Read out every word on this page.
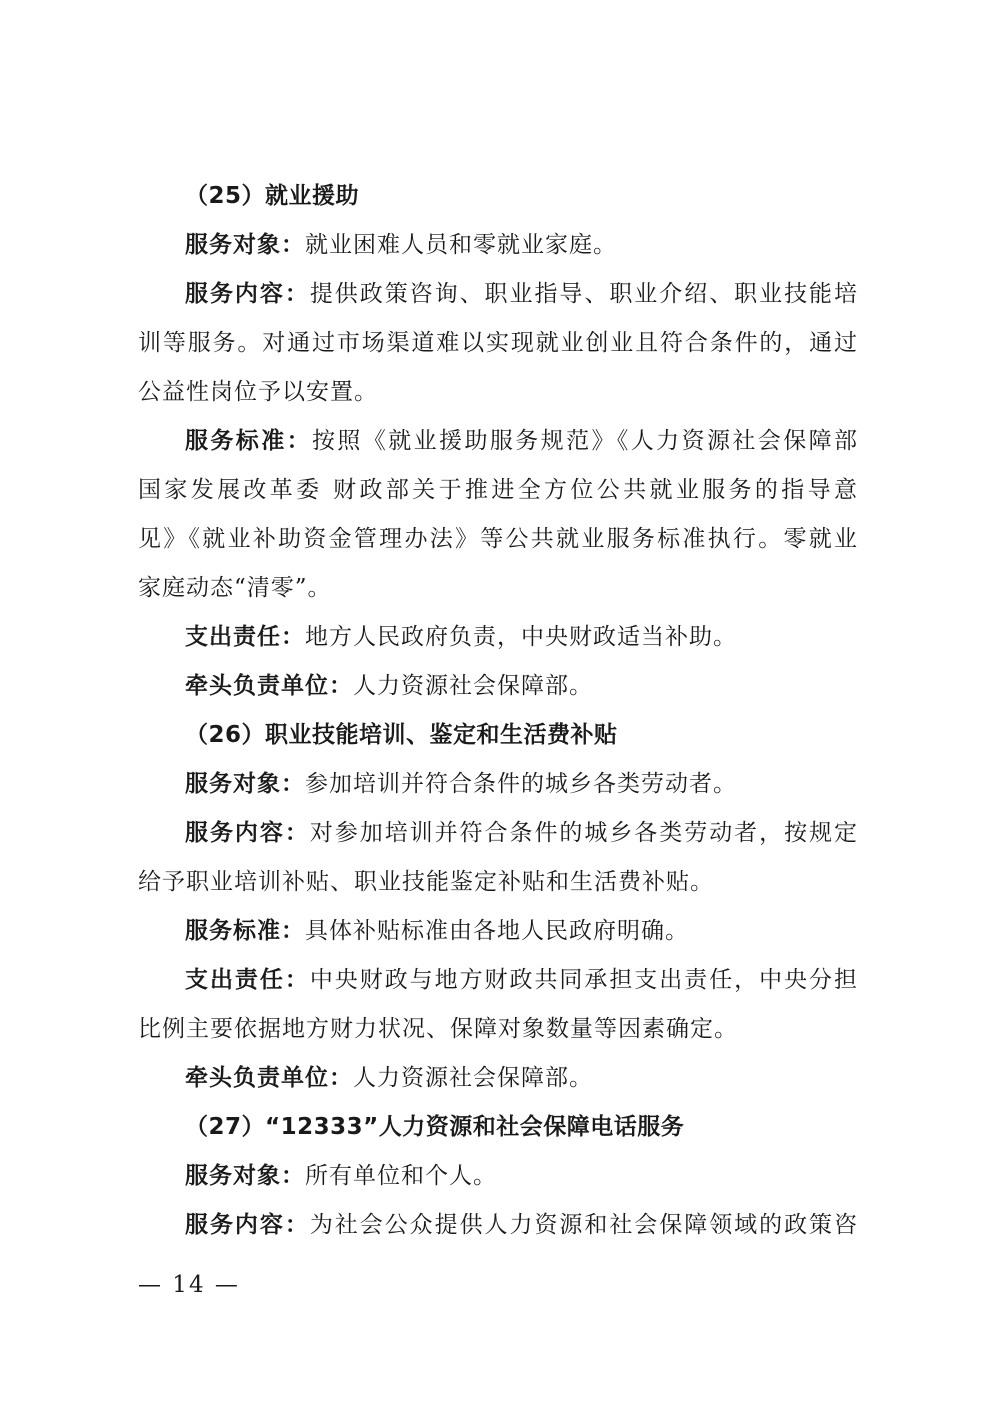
（25）就业援助
服务对象：就业困难人员和零就业家庭。
服务内容：提供政策咨询、职业指导、职业介绍、职业技能培
训等服务。对通过市场渠道难以实现就业创业且符合条件的，通过
公益性岗位予以安置。
服务标准：按照《就业援助服务规范》《人力资源社会保障部
国家发展改革委 财政部关于推进全方位公共就业服务的指导意
见》《就业补助资金管理办法》等公共就业服务标准执行。零就业
家庭动态“清零”。
支出责任：地方人民政府负责，中央财政适当补助。
牵头负责单位：人力资源社会保障部。
（26）职业技能培训、鉴定和生活费补贴
服务对象：参加培训并符合条件的城乡各类劳动者。
服务内容：对参加培训并符合条件的城乡各类劳动者，按规定
给予职业培训补贴、职业技能鉴定补贴和生活费补贴。
服务标准：具体补贴标准由各地人民政府明确。
支出责任：中央财政与地方财政共同承担支出责任，中央分担
比例主要依据地方财力状况、保障对象数量等因素确定。
牵头负责单位：人力资源社会保障部。
（27）“12333”人力资源和社会保障电话服务
服务对象：所有单位和个人。
服务内容：为社会公众提供人力资源和社会保障领域的政策咨
— 14 —
